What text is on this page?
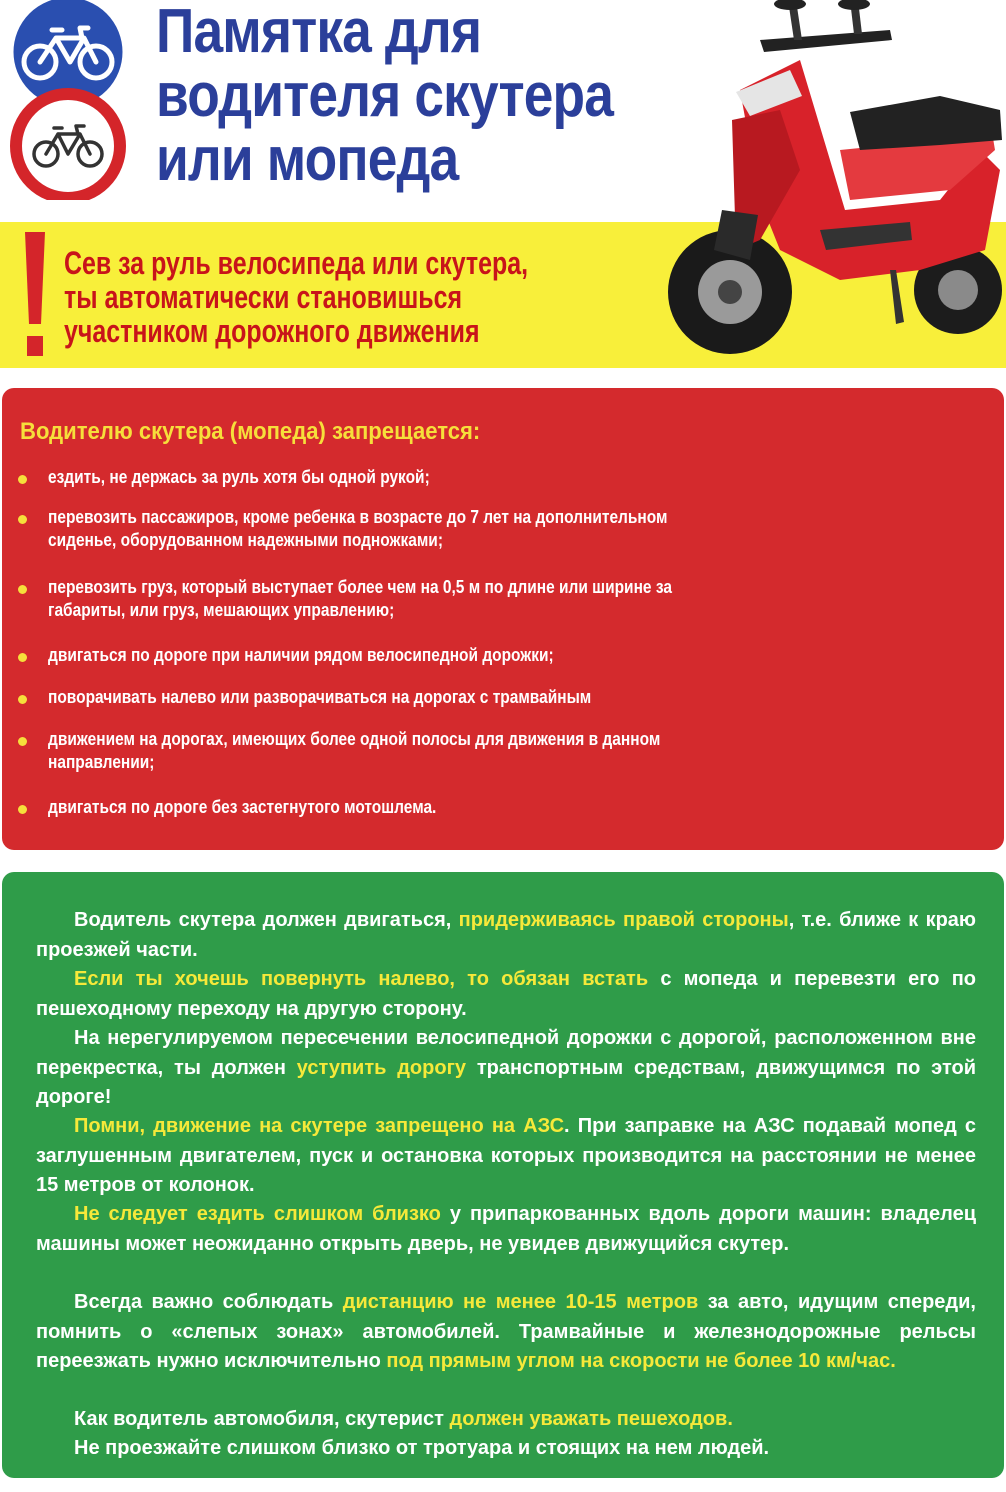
Памятка для
водителя скутера
или мопеда
Сев за руль велосипеда или скутера,
ты автоматически становишься
участником дорожного движения
Водителю скутера (мопеда) запрещается:
ездить, не держась за руль хотя бы одной рукой;
перевозить пассажиров, кроме ребенка в возрасте до 7 лет на дополнительном
сиденье, оборудованном надежными подножками;
перевозить груз, который выступает более чем на 0,5 м по длине или ширине за
габариты, или груз, мешающих управлению;
двигаться по дороге при наличии рядом велосипедной дорожки;
поворачивать налево или разворачиваться на дорогах с трамвайным
движением на дорогах, имеющих более одной полосы для движения в данном
направлении;
двигаться по дороге без застегнутого мотошлема.
Водитель скутера должен двигаться, придерживаясь правой стороны, т.е. ближе к краю проезжей части.
Если ты хочешь повернуть налево, то обязан встать с мопеда и перевезти его по пешеходному переходу на другую сторону.
На нерегулируемом пересечении велосипедной дорожки с дорогой, расположенном вне перекрестка, ты должен уступить дорогу транспортным средствам, движущимся по этой дороге!
Помни, движение на скутере запрещено на АЗС. При заправке на АЗС подавай мопед с заглушенным двигателем, пуск и остановка которых производится на расстоянии не менее 15 метров от колонок.
Не следует ездить слишком близко у припаркованных вдоль дороги машин: владелец машины может неожиданно открыть дверь, не увидев движущийся скутер.
Всегда важно соблюдать дистанцию не менее 10-15 метров за авто, идущим спереди, помнить о «слепых зонах» автомобилей. Трамвайные и железнодорожные рельсы переезжать нужно исключительно под прямым углом на скорости не более 10 км/час.
Как водитель автомобиля, скутерист должен уважать пешеходов.
Не проезжайте слишком близко от тротуара и стоящих на нем людей.
